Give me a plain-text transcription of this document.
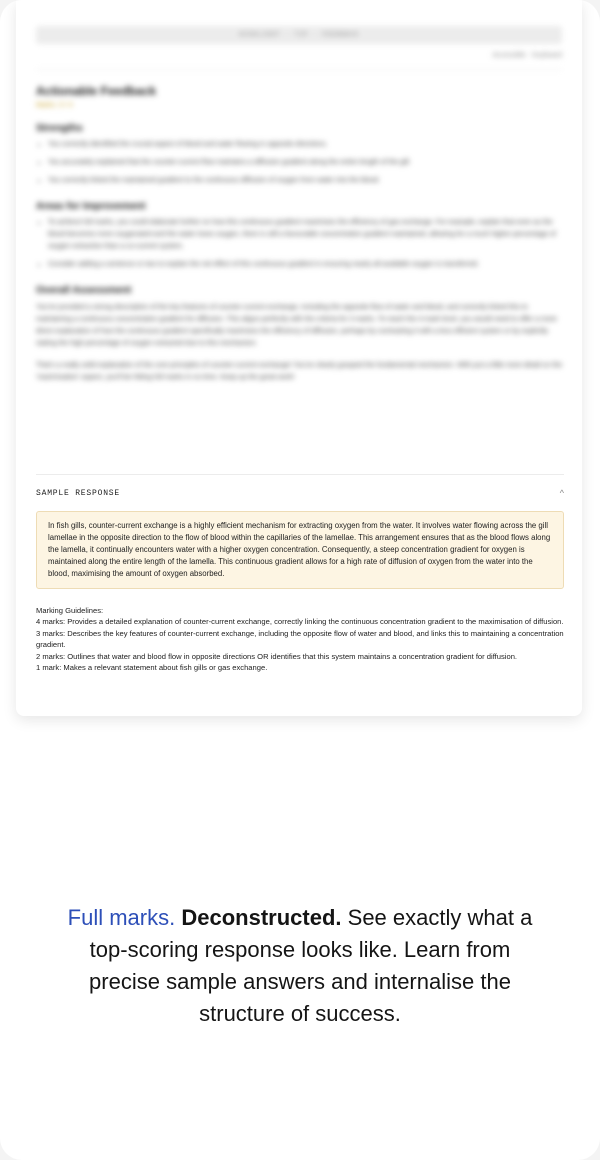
HIGHLIGHT · TIP · FEEDBACK
Accessible · Keyboard
Actionable Feedback
Marks: 3 / 4
Strengths
• You correctly identified the crucial aspect of blood and water flowing in opposite directions.
• You accurately explained that the counter-current flow maintains a diffusion gradient along the entire length of the gill.
• You correctly linked the maintained gradient to the continuous diffusion of oxygen from water into the blood.
Areas for Improvement
• To achieve full marks, you could elaborate further on how this continuous gradient maximises the efficiency of gas exchange. For example, explain that even as the blood becomes more oxygenated and the water loses oxygen, there is still a favourable concentration gradient maintained, allowing for a much higher percentage of oxygen extraction than a co-current system.
• Consider adding a sentence or two to explain the net effect of this continuous gradient in ensuring nearly all available oxygen is transferred.
Overall Assessment

You've provided a strong description of the key features of counter-current exchange, including the opposite flow of water and blood, and correctly linked this to maintaining a continuous concentration gradient for diffusion. This aligns perfectly with the criteria for 3 marks. To reach the 4-mark level, you would need to offer a more direct explanation of how the continuous gradient specifically maximises the efficiency of diffusion, perhaps by contrasting it with a less efficient system or by explicitly stating the high percentage of oxygen extracted due to this mechanism.

That's a really solid explanation of the core principles of counter-current exchange! You've clearly grasped the fundamental mechanism. With just a little more detail on the 'maximisation' aspect, you'll be hitting full marks in no time. Keep up the great work!

SAMPLE RESPONSE	^
In fish gills, counter-current exchange is a highly efficient mechanism for extracting oxygen from the water. It involves water flowing across the gill lamellae in the opposite direction to the flow of blood within the capillaries of the lamellae. This arrangement ensures that as the blood flows along the lamella, it continually encounters water with a higher oxygen concentration. Consequently, a steep concentration gradient for oxygen is maintained along the entire length of the lamella. This continuous gradient allows for a high rate of diffusion of oxygen from the water into the blood, maximising the amount of oxygen absorbed.
Marking Guidelines:
4 marks: Provides a detailed explanation of counter-current exchange, correctly linking the continuous concentration gradient to the maximisation of diffusion.
3 marks: Describes the key features of counter-current exchange, including the opposite flow of water and blood, and links this to maintaining a concentration gradient.
2 marks: Outlines that water and blood flow in opposite directions OR identifies that this system maintains a concentration gradient for diffusion.
1 mark: Makes a relevant statement about fish gills or gas exchange.
Full marks. Deconstructed. See exactly what a top-scoring response looks like. Learn from precise sample answers and internalise the structure of success.
